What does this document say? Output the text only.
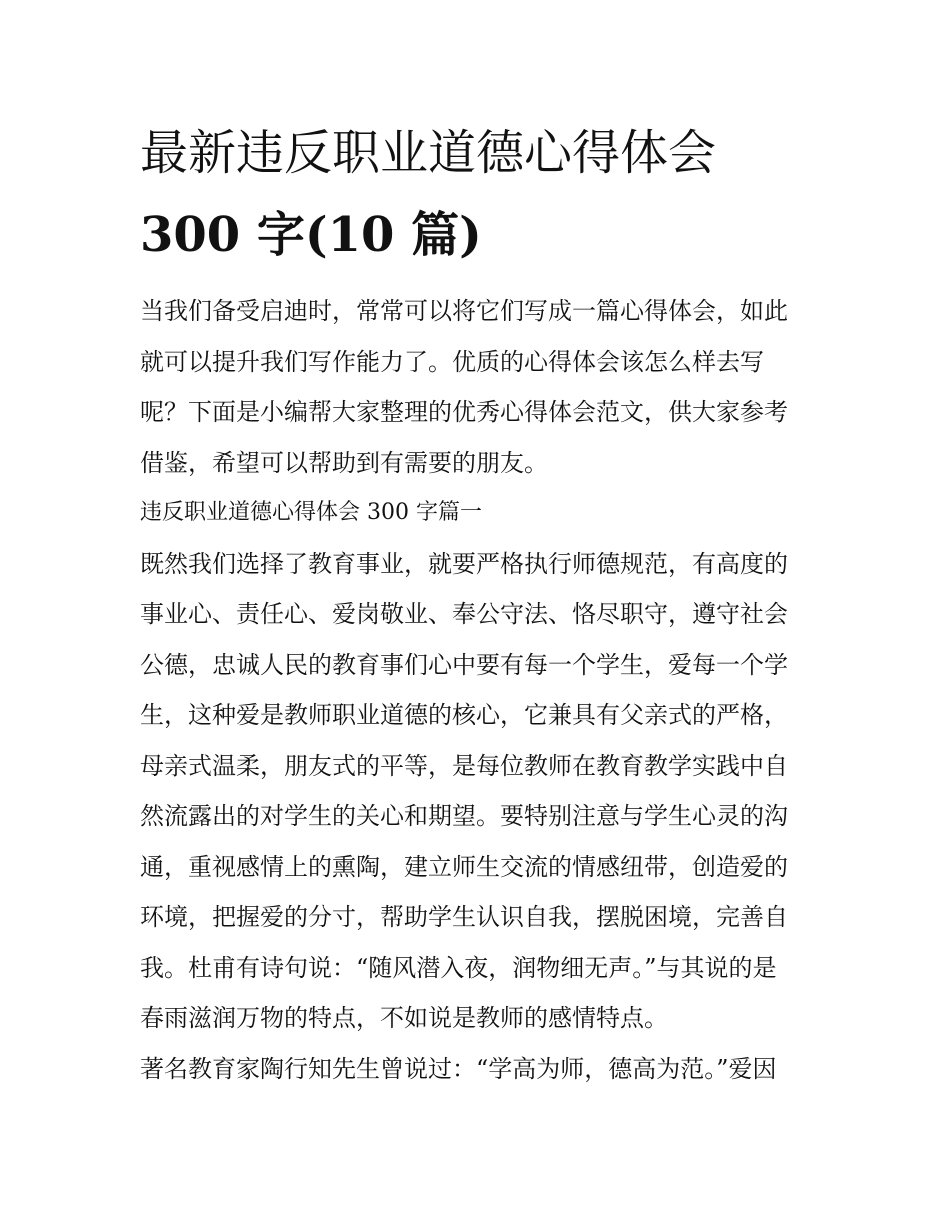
最新违反职业道德心得体会
300 字(10 篇)

当我们备受启迪时，常常可以将它们写成一篇心得体会，如此
就可以提升我们写作能力了。优质的心得体会该怎么样去写
呢？下面是小编帮大家整理的优秀心得体会范文，供大家参考
借鉴，希望可以帮助到有需要的朋友。

违反职业道德心得体会 300 字篇一

既然我们选择了教育事业，就要严格执行师德规范，有高度的
事业心、责任心、爱岗敬业、奉公守法、恪尽职守，遵守社会
公德，忠诚人民的教育事们心中要有每一个学生，爱每一个学
生，这种爱是教师职业道德的核心，它兼具有父亲式的严格，
母亲式温柔，朋友式的平等，是每位教师在教育教学实践中自
然流露出的对学生的关心和期望。要特别注意与学生心灵的沟
通，重视感情上的熏陶，建立师生交流的情感纽带，创造爱的
环境，把握爱的分寸，帮助学生认识自我，摆脱困境，完善自
我。杜甫有诗句说：“随风潜入夜，润物细无声。”与其说的是
春雨滋润万物的特点，不如说是教师的感情特点。

著名教育家陶行知先生曾说过：“学高为师，德高为范。”爱因
